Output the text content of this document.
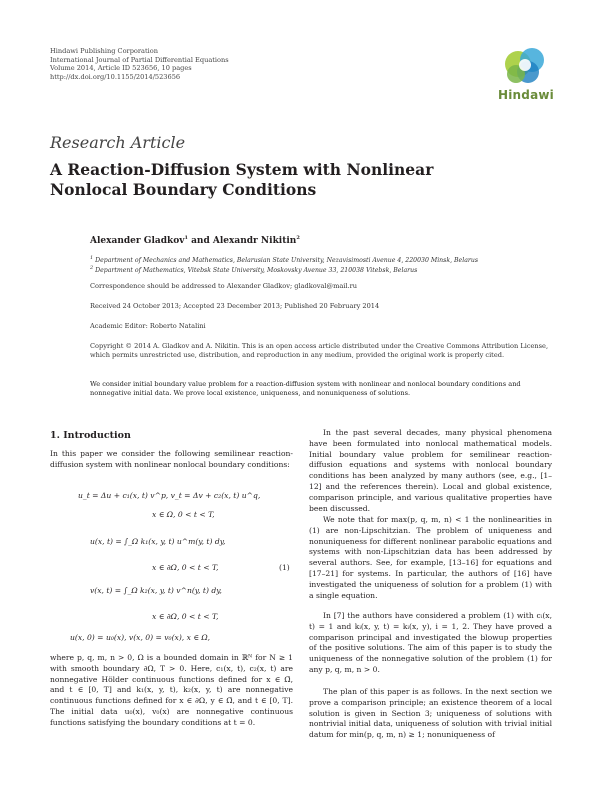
Hindawi Publishing Corporation
International Journal of Partial Differential Equations
Volume 2014, Article ID 523656, 10 pages
http://dx.doi.org/10.1155/2014/523656
Hindawi
Research Article
A Reaction-Diffusion System with Nonlinear Nonlocal Boundary Conditions
Alexander Gladkov$^1$ and Alexandr Nikitin$^2$
$^1$ Department of Mechanics and Mathematics, Belarusian State University, Nezavisimosti Avenue 4, 220030 Minsk, Belarus
$^2$ Department of Mathematics, Vitebsk State University, Moskovsky Avenue 33, 210038 Vitebsk, Belarus
Correspondence should be addressed to Alexander Gladkov; gladkoval@mail.ru
Received 24 October 2013; Accepted 23 December 2013; Published 20 February 2014
Academic Editor: Roberto Natalini
Copyright © 2014 A. Gladkov and A. Nikitin. This is an open access article distributed under the Creative Commons Attribution License, which permits unrestricted use, distribution, and reproduction in any medium, provided the original work is properly cited.
We consider initial boundary value problem for a reaction-diffusion system with nonlinear and nonlocal boundary conditions and nonnegative initial data. We prove local existence, uniqueness, and nonuniqueness of solutions.
1. Introduction
In this paper we consider the following semilinear reaction-diffusion system with nonlinear nonlocal boundary conditions:
u_t = Δu + c₁(x, t) v^p, v_t = Δv + c₂(x, t) u^q,
x ∈ Ω, 0 < t < T,
u(x, t) = ∫_Ω k₁(x, y, t) u^m(y, t) dy,
x ∈ ∂Ω, 0 < t < T,	(1)
v(x, t) = ∫_Ω k₂(x, y, t) v^n(y, t) dy,
x ∈ ∂Ω, 0 < t < T,
u(x, 0) = u₀(x), v(x, 0) = v₀(x), x ∈ Ω,
where p, q, m, n > 0, Ω is a bounded domain in ℝᴺ for N ≥ 1 with smooth boundary ∂Ω, T > 0. Here, c₁(x, t), c₂(x, t) are nonnegative Hölder continuous functions defined for x ∈ Ω̄, and t ∈ [0, T] and k₁(x, y, t), k₂(x, y, t) are nonnegative continuous functions defined for x ∈ ∂Ω, y ∈ Ω̄, and t ∈ [0, T]. The initial data u₀(x), v₀(x) are nonnegative continuous functions satisfying the boundary conditions at t = 0.
In the past several decades, many physical phenomena have been formulated into nonlocal mathematical models. Initial boundary value problem for semilinear reaction-diffusion equations and systems with nonlocal boundary conditions has been analyzed by many authors (see, e.g., [1–12] and the references therein). Local and global existence, comparison principle, and various qualitative properties have been discussed.
We note that for max(p, q, m, n) < 1 the nonlinearities in (1) are non-Lipschitzian. The problem of uniqueness and nonuniqueness for different nonlinear parabolic equations and systems with non-Lipschitzian data has been addressed by several authors. See, for example, [13–16] for equations and [17–21] for systems. In particular, the authors of [16] have investigated the uniqueness of solution for a problem (1) with a single equation.
In [7] the authors have considered a problem (1) with cᵢ(x, t) = 1 and kᵢ(x, y, t) = kᵢ(x, y), i = 1, 2. They have proved a comparison principal and investigated the blowup properties of the positive solutions. The aim of this paper is to study the uniqueness of the nonnegative solution of the problem (1) for any p, q, m, n > 0.
The plan of this paper is as follows. In the next section we prove a comparison principle; an existence theorem of a local solution is given in Section 3; uniqueness of solutions with nontrivial initial data, uniqueness of solution with trivial initial datum for min(p, q, m, n) ≥ 1; nonuniqueness of
